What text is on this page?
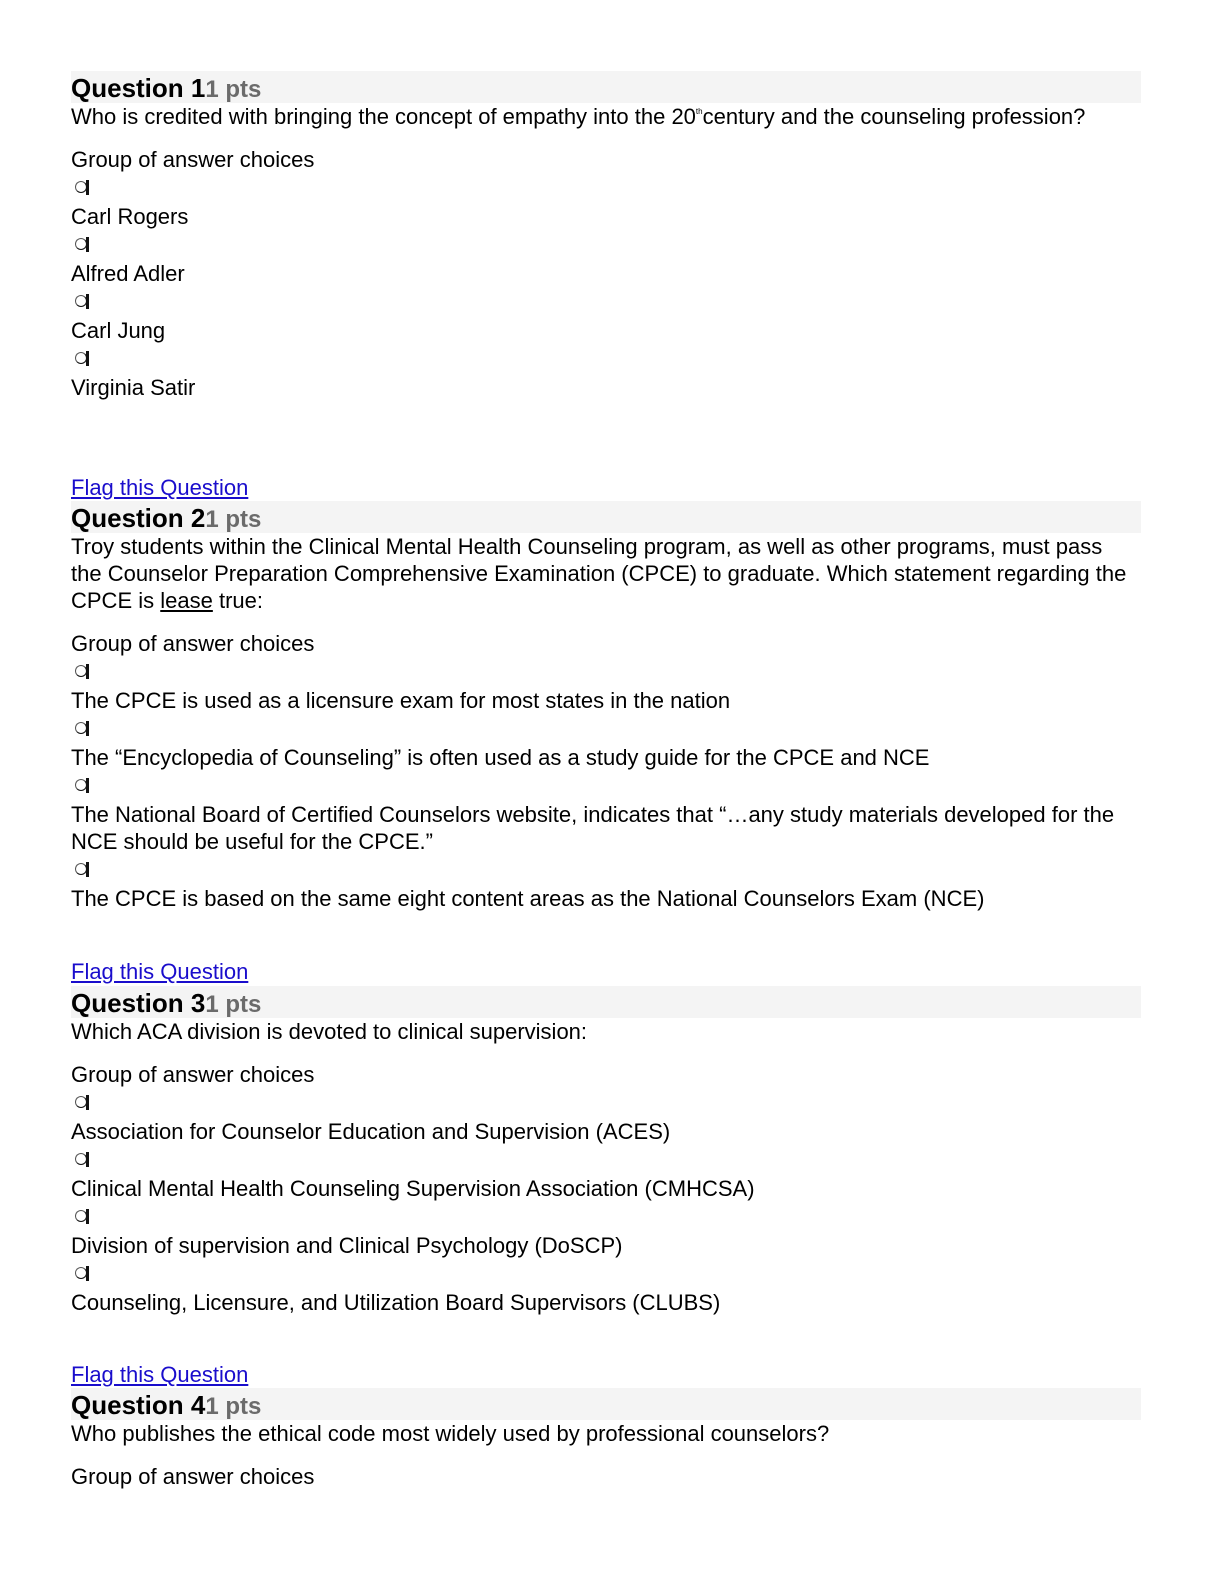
Question 11 pts

Who is credited with bringing the concept of empathy into the 20thcentury and the counseling profession?

Group of answer choices
Carl Rogers
Alfred Adler
Carl Jung
Virginia Satir
Flag this Question
Question 21 pts

Troy students within the Clinical Mental Health Counseling program, as well as other programs, must pass the Counselor Preparation Comprehensive Examination (CPCE) to graduate. Which statement regarding the CPCE is lease true:

Group of answer choices
The CPCE is used as a licensure exam for most states in the nation
The “Encyclopedia of Counseling” is often used as a study guide for the CPCE and NCE
The National Board of Certified Counselors website, indicates that “…any study materials developed for the NCE should be useful for the CPCE.”
The CPCE is based on the same eight content areas as the National Counselors Exam (NCE)
Flag this Question
Question 31 pts

Which ACA division is devoted to clinical supervision:

Group of answer choices
Association for Counselor Education and Supervision (ACES)
Clinical Mental Health Counseling Supervision Association (CMHCSA)
Division of supervision and Clinical Psychology (DoSCP)
Counseling, Licensure, and Utilization Board Supervisors (CLUBS)
Flag this Question
Question 41 pts

Who publishes the ethical code most widely used by professional counselors?

Group of answer choices
